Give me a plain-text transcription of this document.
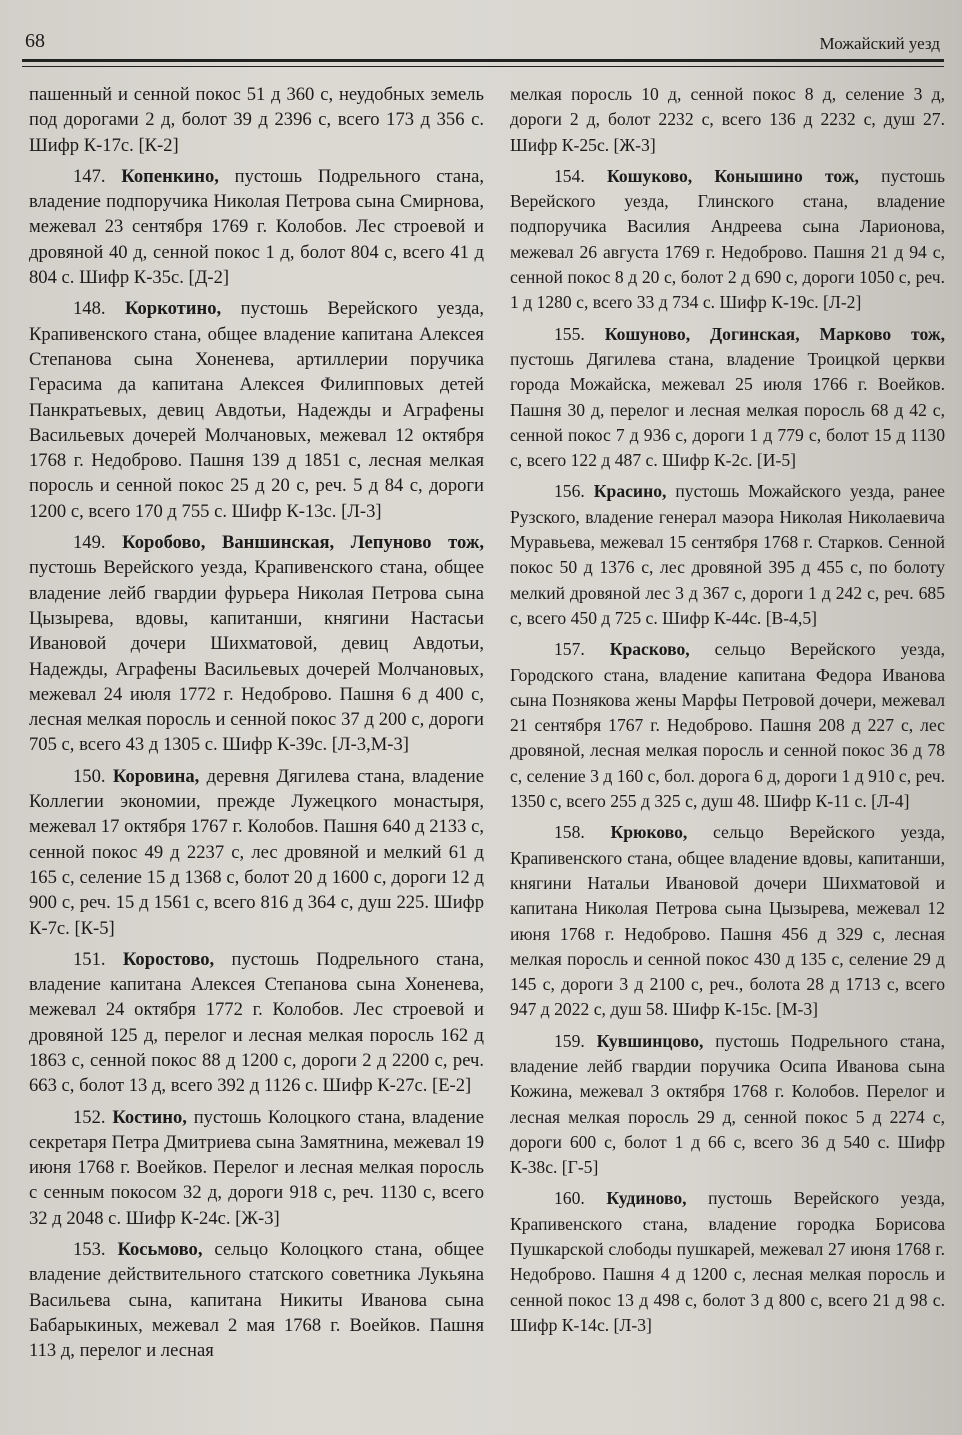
68	Можайский уезд

пашенный и сенной покос 51 д 360 с, неудобных земель под дорогами 2 д, болот 39 д 2396 с, всего 173 д 356 с. Шифр К-17с. [К-2]

147. Копенкино, пустошь Подрельного стана, владение подпоручика Николая Петрова сына Смирнова, межевал 23 сентября 1769 г. Колобов. Лес строевой и дровяной 40 д, сенной покос 1 д, болот 804 с, всего 41 д 804 с. Шифр К-35с. [Д-2]

148. Коркотино, пустошь Верейского уезда, Крапивенского стана, общее владение капитана Алексея Степанова сына Хоненева, артиллерии поручика Герасима да капитана Алексея Филипповых детей Панкратьевых, девиц Авдотьи, Надежды и Аграфены Васильевых дочерей Молчановых, межевал 12 октября 1768 г. Недоброво. Пашня 139 д 1851 с, лесная мелкая поросль и сенной покос 25 д 20 с, реч. 5 д 84 с, дороги 1200 с, всего 170 д 755 с. Шифр К-13с. [Л-3]

149. Коробово, Ваншинская, Лепуново тож, пустошь Верейского уезда, Крапивенского стана, общее владение лейб гвардии фурьера Николая Петрова сына Цызырева, вдовы, капитанши, княгини Настасьи Ивановой дочери Шихматовой, девиц Авдотьи, Надежды, Аграфены Васильевых дочерей Молчановых, межевал 24 июля 1772 г. Недоброво. Пашня 6 д 400 с, лесная мелкая поросль и сенной покос 37 д 200 с, дороги 705 с, всего 43 д 1305 с. Шифр К-39с. [Л-3,М-3]

150. Коровина, деревня Дягилева стана, владение Коллегии экономии, прежде Лужецкого монастыря, межевал 17 октября 1767 г. Колобов. Пашня 640 д 2133 с, сенной покос 49 д 2237 с, лес дровяной и мелкий 61 д 165 с, селение 15 д 1368 с, болот 20 д 1600 с, дороги 12 д 900 с, реч. 15 д 1561 с, всего 816 д 364 с, душ 225. Шифр К-7с. [К-5]

151. Коростово, пустошь Подрельного стана, владение капитана Алексея Степанова сына Хоненева, межевал 24 октября 1772 г. Колобов. Лес строевой и дровяной 125 д, перелог и лесная мелкая поросль 162 д 1863 с, сенной покос 88 д 1200 с, дороги 2 д 2200 с, реч. 663 с, болот 13 д, всего 392 д 1126 с. Шифр К-27с. [Е-2]

152. Костино, пустошь Колоцкого стана, владение секретаря Петра Дмитриева сына Замятнина, межевал 19 июня 1768 г. Воейков. Перелог и лесная мелкая поросль с сенным покосом 32 д, дороги 918 с, реч. 1130 с, всего 32 д 2048 с. Шифр К-24с. [Ж-3]

153. Косьмово, сельцо Колоцкого стана, общее владение действительного статского советника Лукьяна Васильева сына, капитана Никиты Иванова сына Бабарыкиных, межевал 2 мая 1768 г. Воейков. Пашня 113 д, перелог и лесная

мелкая поросль 10 д, сенной покос 8 д, селение 3 д, дороги 2 д, болот 2232 с, всего 136 д 2232 с, душ 27. Шифр К-25с. [Ж-3]

154. Кошуково, Конышино тож, пустошь Верейского уезда, Глинского стана, владение подпоручика Василия Андреева сына Ларионова, межевал 26 августа 1769 г. Недоброво. Пашня 21 д 94 с, сенной покос 8 д 20 с, болот 2 д 690 с, дороги 1050 с, реч. 1 д 1280 с, всего 33 д 734 с. Шифр К-19с. [Л-2]

155. Кошуново, Догинская, Марково тож, пустошь Дягилева стана, владение Троицкой церкви города Можайска, межевал 25 июля 1766 г. Воейков. Пашня 30 д, перелог и лесная мелкая поросль 68 д 42 с, сенной покос 7 д 936 с, дороги 1 д 779 с, болот 15 д 1130 с, всего 122 д 487 с. Шифр К-2с. [И-5]

156. Красино, пустошь Можайского уезда, ранее Рузского, владение генерал маэора Николая Николаевича Муравьева, межевал 15 сентября 1768 г. Старков. Сенной покос 50 д 1376 с, лес дровяной 395 д 455 с, по болоту мелкий дровяной лес 3 д 367 с, дороги 1 д 242 с, реч. 685 с, всего 450 д 725 с. Шифр К-44с. [В-4,5]

157. Красково, сельцо Верейского уезда, Городского стана, владение капитана Федора Иванова сына Познякова жены Марфы Петровой дочери, межевал 21 сентября 1767 г. Недоброво. Пашня 208 д 227 с, лес дровяной, лесная мелкая поросль и сенной покос 36 д 78 с, селение 3 д 160 с, бол. дорога 6 д, дороги 1 д 910 с, реч. 1350 с, всего 255 д 325 с, душ 48. Шифр К-11 с. [Л-4]

158. Крюково, сельцо Верейского уезда, Крапивенского стана, общее владение вдовы, капитанши, княгини Натальи Ивановой дочери Шихматовой и капитана Николая Петрова сына Цызырева, межевал 12 июня 1768 г. Недоброво. Пашня 456 д 329 с, лесная мелкая поросль и сенной покос 430 д 135 с, селение 29 д 145 с, дороги 3 д 2100 с, реч., болота 28 д 1713 с, всего 947 д 2022 с, душ 58. Шифр К-15с. [М-3]

159. Кувшинцово, пустошь Подрельного стана, владение лейб гвардии поручика Осипа Иванова сына Кожина, межевал 3 октября 1768 г. Колобов. Перелог и лесная мелкая поросль 29 д, сенной покос 5 д 2274 с, дороги 600 с, болот 1 д 66 с, всего 36 д 540 с. Шифр К-38с. [Г-5]

160. Кудиново, пустошь Верейского уезда, Крапивенского стана, владение городка Борисова Пушкарской слободы пушкарей, межевал 27 июня 1768 г. Недоброво. Пашня 4 д 1200 с, лесная мелкая поросль и сенной покос 13 д 498 с, болот 3 д 800 с, всего 21 д 98 с. Шифр К-14с. [Л-3]
